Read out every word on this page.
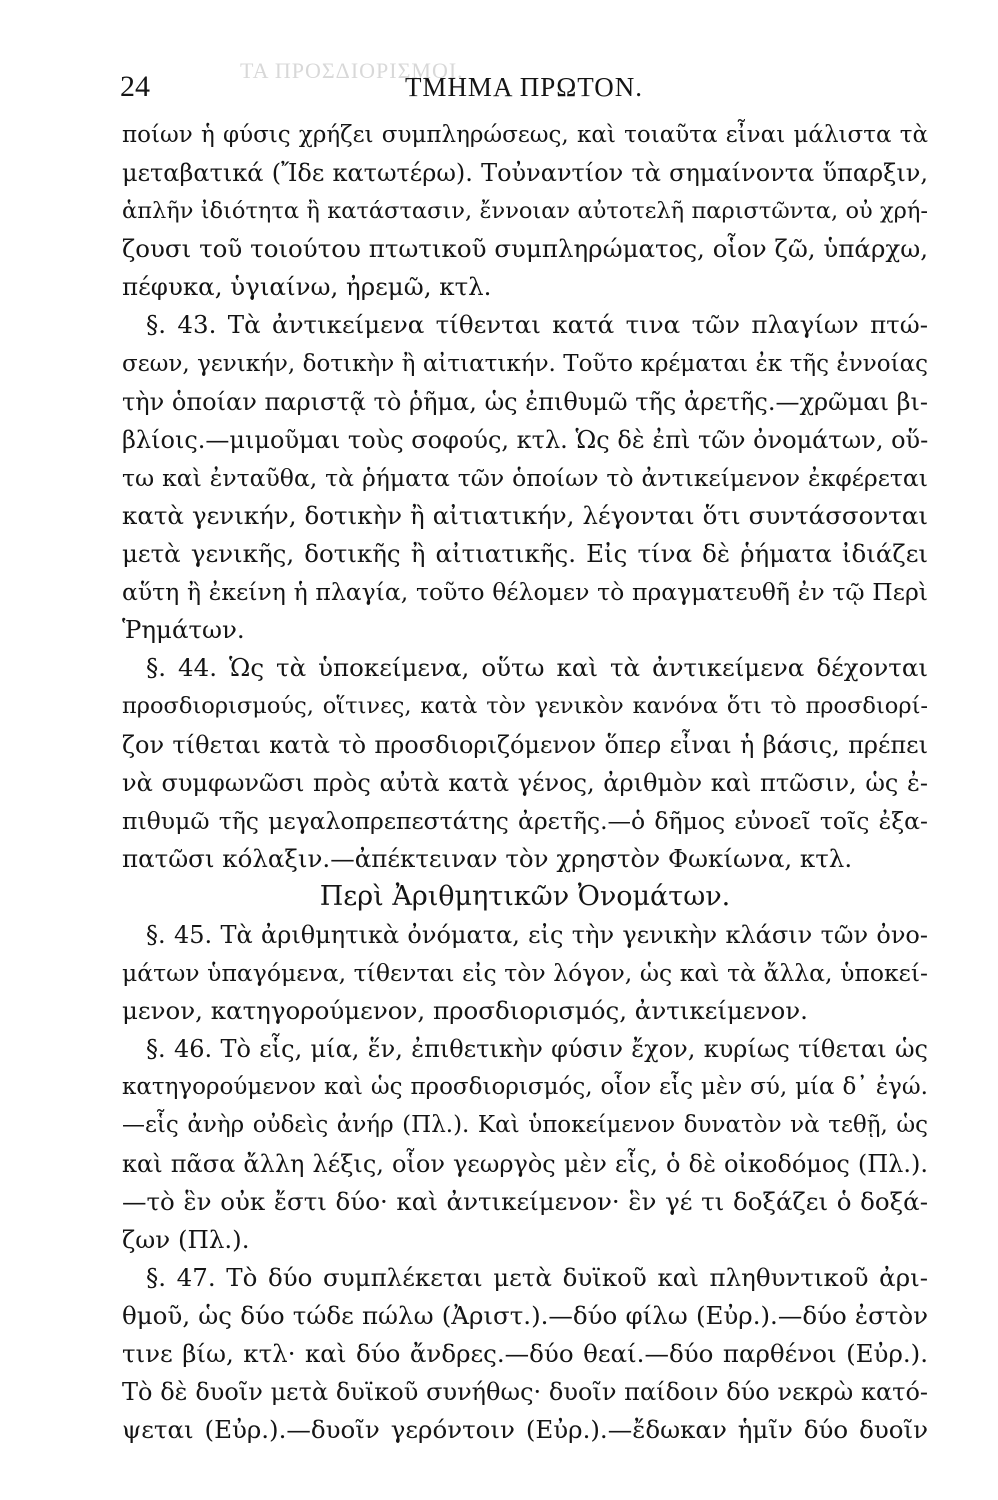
ΤΑ ΠΡΟΣΔΙΟΡΙΣΜΟΙ.
24	ΤΜΗΜΑ ΠΡΩΤΟΝ.
ποίων ἡ φύσις χρήζει συμπληρώσεως, καὶ τοιαῦτα εἶναι μάλιστα τὰ
μεταβατικά (Ἴδε κατωτέρω). Τοὐναντίον τὰ σημαίνοντα ὕπαρξιν,
ἁπλῆν ἰδιότητα ἢ κατάστασιν, ἔννοιαν αὐτοτελῆ παριστῶντα, οὐ χρή-
ζουσι τοῦ τοιούτου πτωτικοῦ συμπληρώματος, οἷον ζῶ, ὑπάρχω,
πέφυκα, ὑγιαίνω, ἠρεμῶ, κτλ.
§. 43. Τὰ ἀντικείμενα τίθενται κατά τινα τῶν πλαγίων πτώ-
σεων, γενικήν, δοτικὴν ἢ αἰτιατικήν. Τοῦτο κρέμαται ἐκ τῆς ἐννοίας
τὴν ὁποίαν παριστᾷ τὸ ῥῆμα, ὡς ἐπιθυμῶ τῆς ἀρετῆς.—χρῶμαι βι-
βλίοις.—μιμοῦμαι τοὺς σοφούς, κτλ. Ὡς δὲ ἐπὶ τῶν ὀνομάτων, οὕ-
τω καὶ ἐνταῦθα, τὰ ῥήματα τῶν ὁποίων τὸ ἀντικείμενον ἐκφέρεται
κατὰ γενικήν, δοτικὴν ἢ αἰτιατικήν, λέγονται ὅτι συντάσσονται
μετὰ γενικῆς, δοτικῆς ἢ αἰτιατικῆς. Εἰς τίνα δὲ ῥήματα ἰδιάζει
αὕτη ἢ ἐκείνη ἡ πλαγία, τοῦτο θέλομεν τὸ πραγματευθῆ ἐν τῷ Περὶ
Ῥημάτων.
§. 44. Ὡς τὰ ὑποκείμενα, οὕτω καὶ τὰ ἀντικείμενα δέχονται
προσδιορισμούς, οἵτινες, κατὰ τὸν γενικὸν κανόνα ὅτι τὸ προσδιορί-
ζον τίθεται κατὰ τὸ προσδιοριζόμενον ὅπερ εἶναι ἡ βάσις, πρέπει
νὰ συμφωνῶσι πρὸς αὐτὰ κατὰ γένος, ἀριθμὸν καὶ πτῶσιν, ὡς ἐ-
πιθυμῶ τῆς μεγαλοπρεπεστάτης ἀρετῆς.—ὁ δῆμος εὐνοεῖ τοῖς ἐξα-
πατῶσι κόλαξιν.—ἀπέκτειναν τὸν χρηστὸν Φωκίωνα, κτλ.
Περὶ Ἀριθμητικῶν Ὀνομάτων.
§. 45. Τὰ ἀριθμητικὰ ὀνόματα, εἰς τὴν γενικὴν κλάσιν τῶν ὀνο-
μάτων ὑπαγόμενα, τίθενται εἰς τὸν λόγον, ὡς καὶ τὰ ἄλλα, ὑποκεί-
μενον, κατηγορούμενον, προσδιορισμός, ἀντικείμενον.
§. 46. Τὸ εἷς, μία, ἕν, ἐπιθετικὴν φύσιν ἔχον, κυρίως τίθεται ὡς
κατηγορούμενον καὶ ὡς προσδιορισμός, οἷον εἷς μὲν σύ, μία δ᾽ ἐγώ.
—εἷς ἀνὴρ οὐδεὶς ἀνήρ (Πλ.). Καὶ ὑποκείμενον δυνατὸν νὰ τεθῇ, ὡς
καὶ πᾶσα ἄλλη λέξις, οἷον γεωργὸς μὲν εἷς, ὁ δὲ οἰκοδόμος (Πλ.).
—τὸ ἓν οὐκ ἔστι δύο· καὶ ἀντικείμενον· ἓν γέ τι δοξάζει ὁ δοξά-
ζων (Πλ.).
§. 47. Τὸ δύο συμπλέκεται μετὰ δυϊκοῦ καὶ πληθυντικοῦ ἀρι-
θμοῦ, ὡς δύο τώδε πώλω (Ἀριστ.).—δύο φίλω (Εὐρ.).—δύο ἐστὸν
τινε βίω, κτλ· καὶ δύο ἄνδρες.—δύο θεαί.—δύο παρθένοι (Εὐρ.).
Τὸ δὲ δυοῖν μετὰ δυϊκοῦ συνήθως· δυοῖν παίδοιν δύο νεκρὼ κατό-
ψεται (Εὐρ.).—δυοῖν γερόντοιν (Εὐρ.).—ἔδωκαν ἡμῖν δύο δυοῖν
